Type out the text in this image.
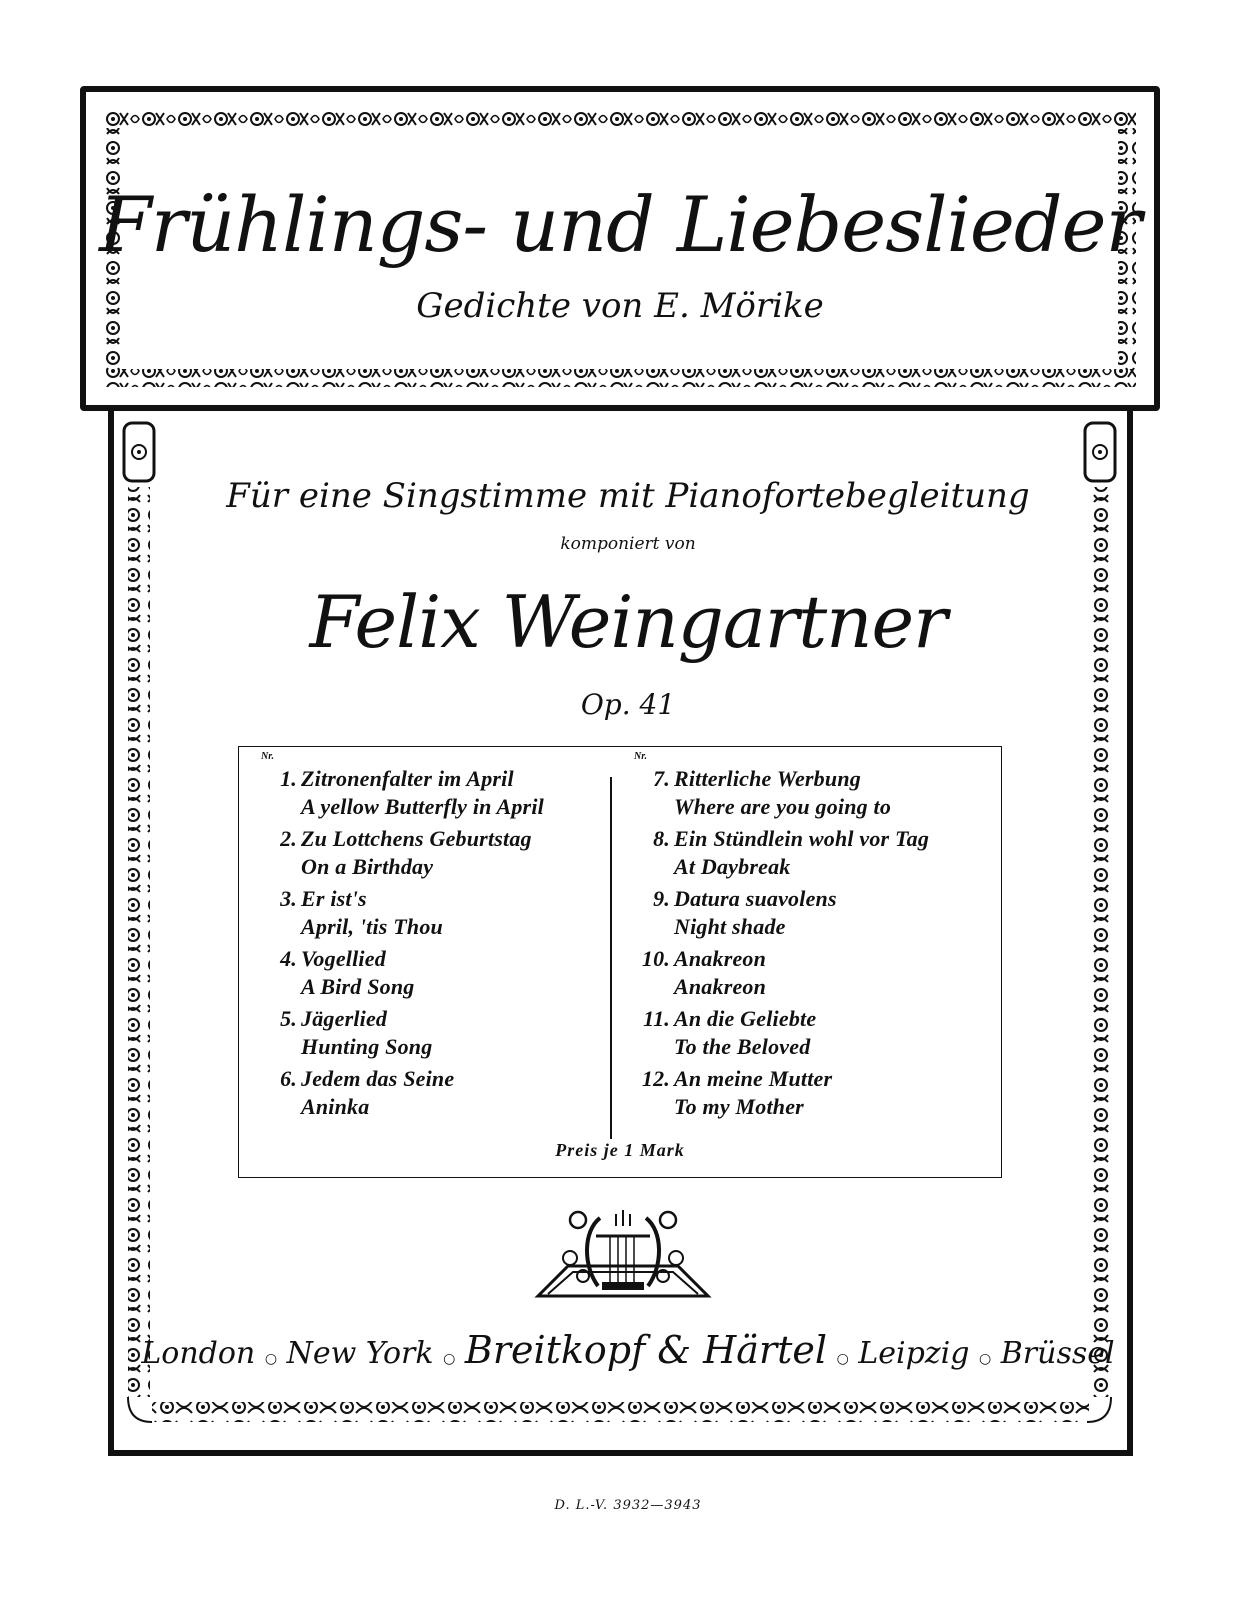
Frühlings- und Liebeslieder
Gedichte von E. Mörike
Für eine Singstimme mit Pianofortebegleitung
komponiert von
Felix Weingartner
Op. 41
Nr.
1. Zitronenfalter im April
A yellow Butterfly in April
2. Zu Lottchens Geburtstag
On a Birthday
3. Er ist's
April, 'tis Thou
4. Vogellied
A Bird Song
5. Jägerlied
Hunting Song
6. Jedem das Seine
Aninka
Nr.
7. Ritterliche Werbung
Where are you going to
8. Ein Stündlein wohl vor Tag
At Daybreak
9. Datura suavolens
Night shade
10. Anakreon
Anakreon
11. An die Geliebte
To the Beloved
12. An meine Mutter
To my Mother
Preis je 1 Mark
London ○ New York ○ Breitkopf & Härtel ○ Leipzig ○ Brüssel
D. L.-V. 3932—3943
